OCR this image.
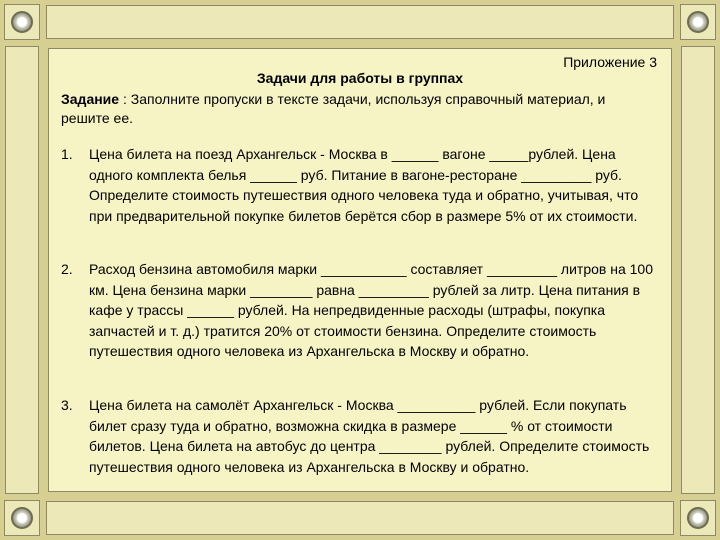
Приложение 3
Задачи для работы в группах
Задание : Заполните пропуски в тексте задачи, используя справочный материал, и решите ее.
1. Цена билета на поезд Архангельск - Москва в ______ вагоне _____рублей. Цена одного комплекта белья ______ руб. Питание в вагоне-ресторане _________ руб. Определите стоимость путешествия одного человека туда и обратно, учитывая, что при предварительной покупке билетов берётся сбор в размере 5% от их стоимости.
2. Расход бензина автомобиля марки ___________ составляет _________ литров на 100 км. Цена бензина марки ________ равна _________ рублей за литр. Цена питания в кафе у трассы ______ рублей. На непредвиденные расходы (штрафы, покупка запчастей и т. д.) тратится 20% от стоимости бензина. Определите стоимость путешествия одного человека из Архангельска в Москву и обратно.
3. Цена билета на самолёт Архангельск - Москва __________ рублей. Если покупать билет сразу туда и обратно, возможна скидка в размере ______ % от стоимости билетов. Цена билета на автобус до центра ________ рублей. Определите стоимость путешествия одного человека из Архангельска в Москву и обратно.
